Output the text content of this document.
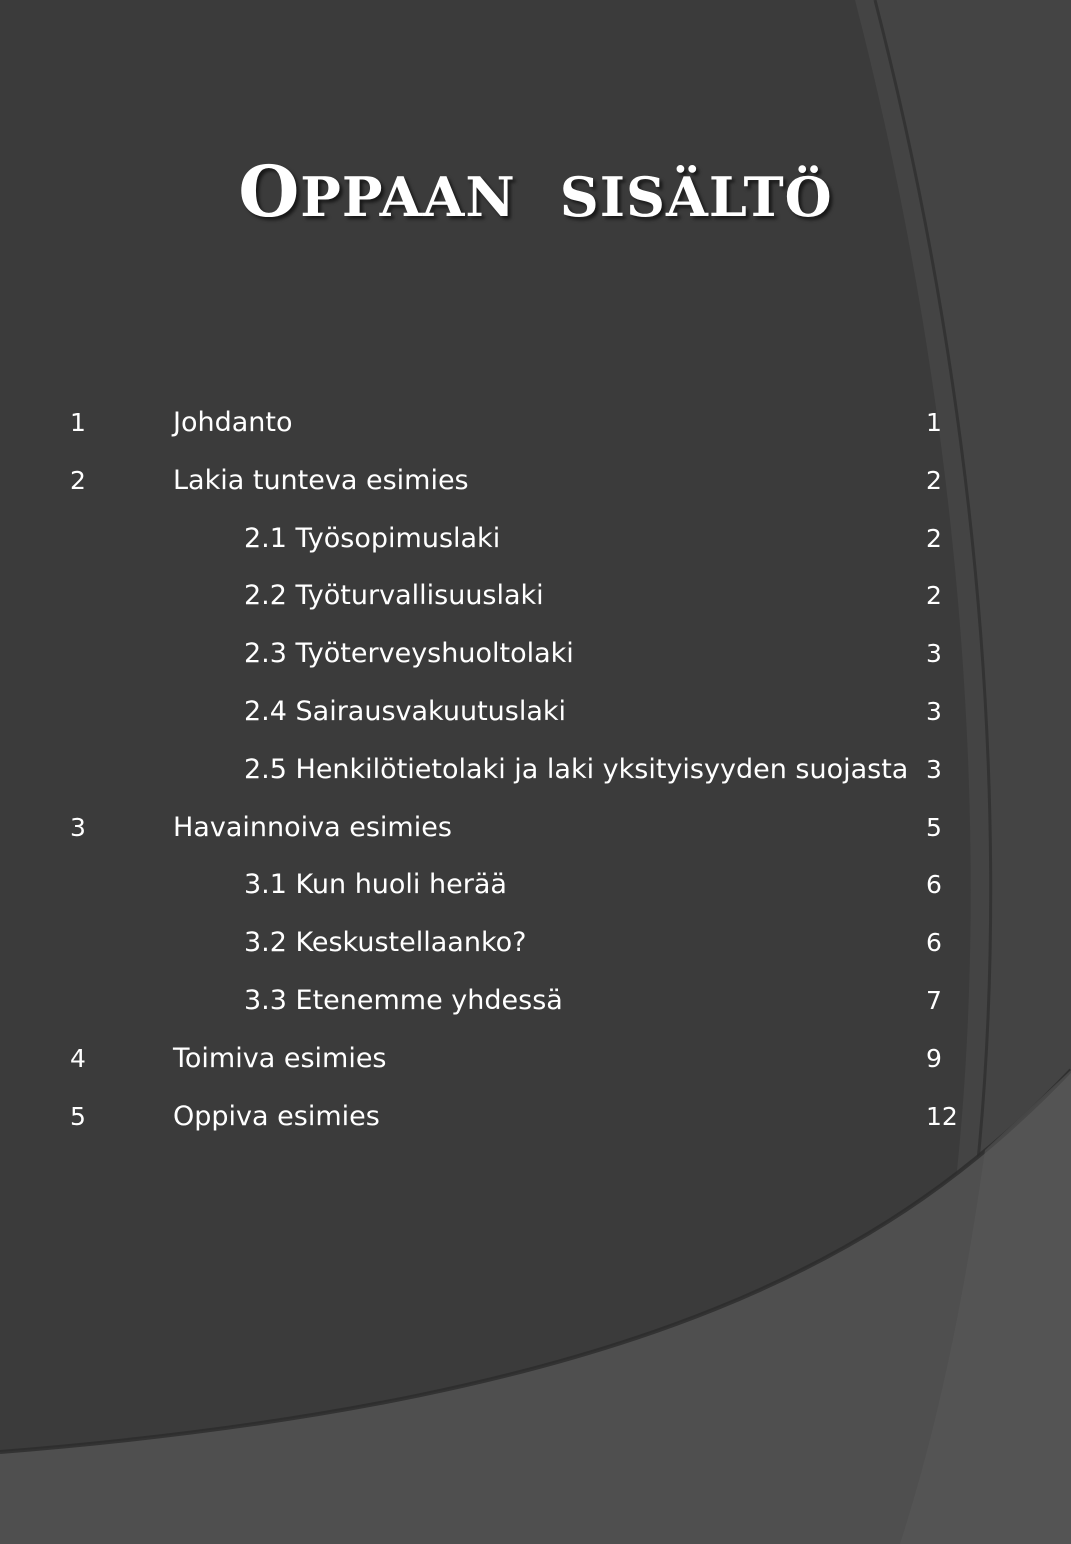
OPPAAN SISÄLTÖ
1	Johdanto	1
2	Lakia tunteva esimies	2
2.1 Työsopimuslaki	2
2.2 Työturvallisuuslaki	2
2.3 Työterveyshuoltolaki	3
2.4 Sairausvakuutuslaki	3
2.5 Henkilötietolaki ja laki yksityisyyden suojasta 3
3	Havainnoiva esimies	5
3.1 Kun huoli herää	6
3.2 Keskustellaanko?	6
3.3 Etenemme yhdessä	7
4	Toimiva esimies	9
5	Oppiva esimies	12
